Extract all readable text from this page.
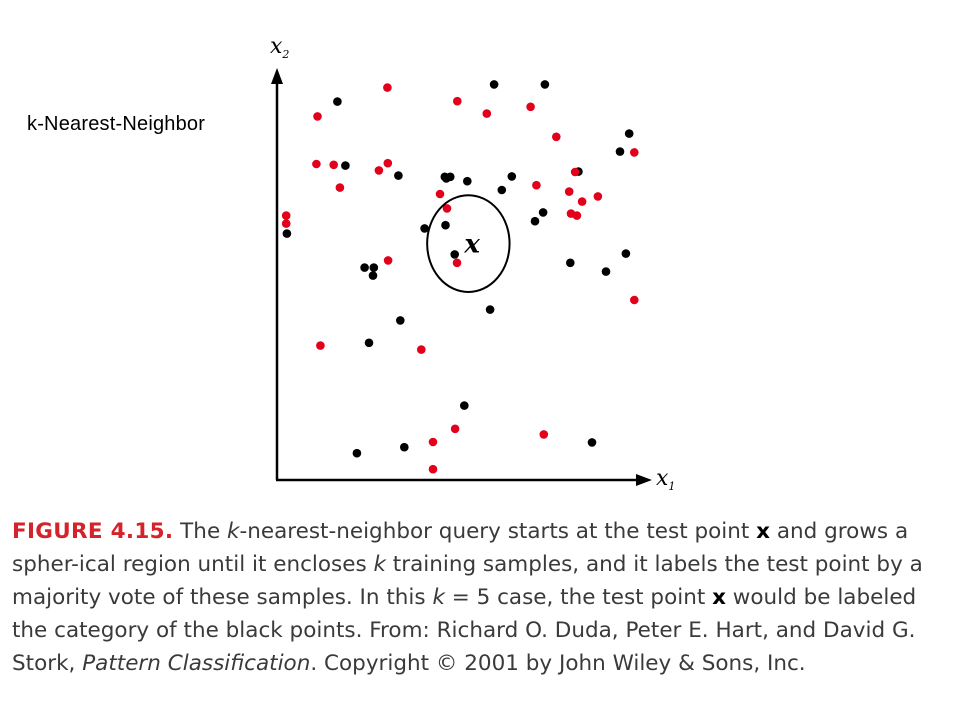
k-Nearest-Neighbor
$x_2$
$x_1$
x
FIGURE 4.15. The k-nearest-neighbor query starts at the test point x and grows a spher-ical region until it encloses k training samples, and it labels the test point by a majority vote of these samples. In this k = 5 case, the test point x would be labeled the category of the black points. From: Richard O. Duda, Peter E. Hart, and David G. Stork, Pattern Classification. Copyright © 2001 by John Wiley & Sons, Inc.
